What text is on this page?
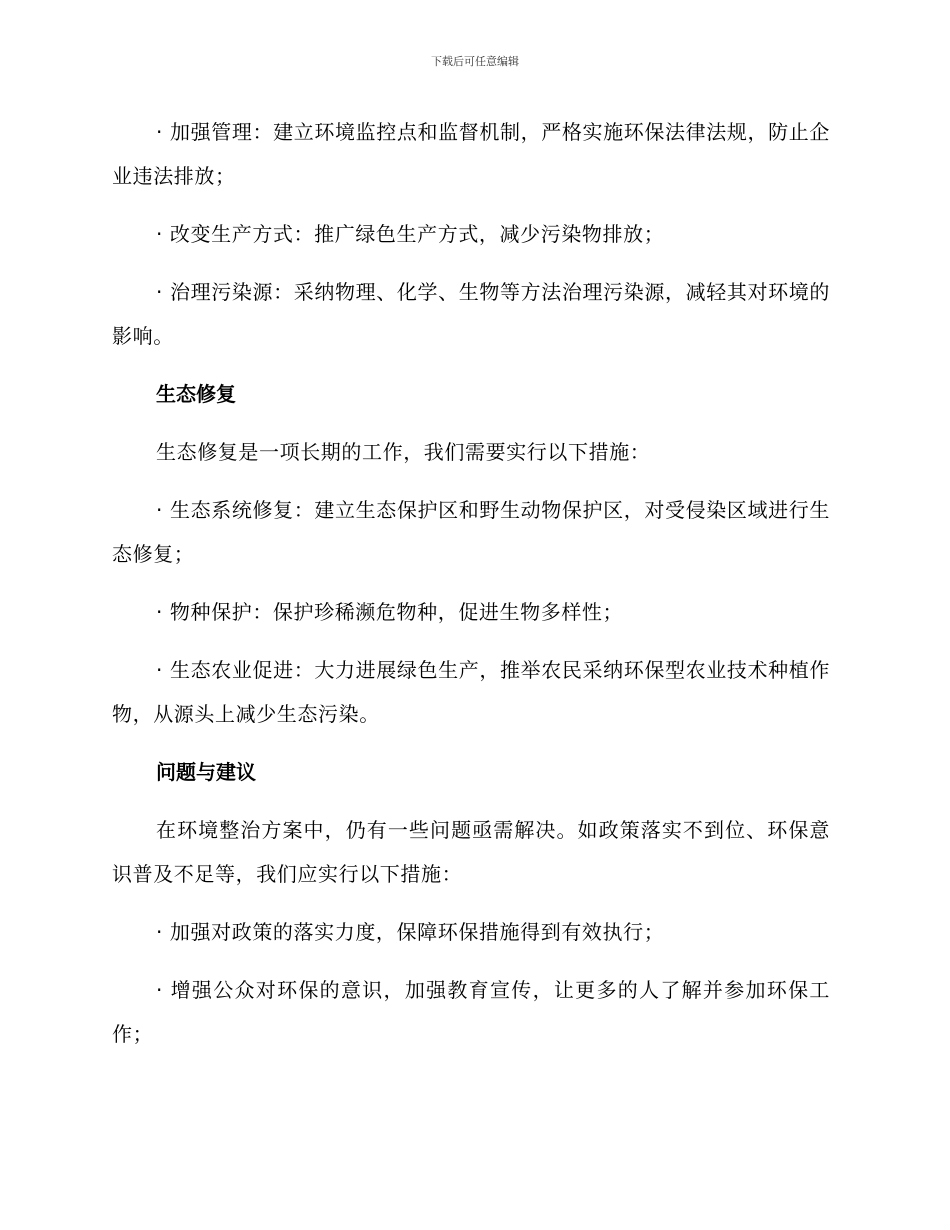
下载后可任意编辑

· 加强管理：建立环境监控点和监督机制，严格实施环保法律法规，防止企业违法排放；

· 改变生产方式：推广绿色生产方式，减少污染物排放；

· 治理污染源：采纳物理、化学、生物等方法治理污染源，减轻其对环境的影响。

生态修复

生态修复是一项长期的工作，我们需要实行以下措施：

· 生态系统修复：建立生态保护区和野生动物保护区，对受侵染区域进行生态修复；

· 物种保护：保护珍稀濒危物种，促进生物多样性；

· 生态农业促进：大力进展绿色生产，推举农民采纳环保型农业技术种植作物，从源头上减少生态污染。

问题与建议

在环境整治方案中，仍有一些问题亟需解决。如政策落实不到位、环保意识普及不足等，我们应实行以下措施：

· 加强对政策的落实力度，保障环保措施得到有效执行；

· 增强公众对环保的意识，加强教育宣传，让更多的人了解并参加环保工作；
